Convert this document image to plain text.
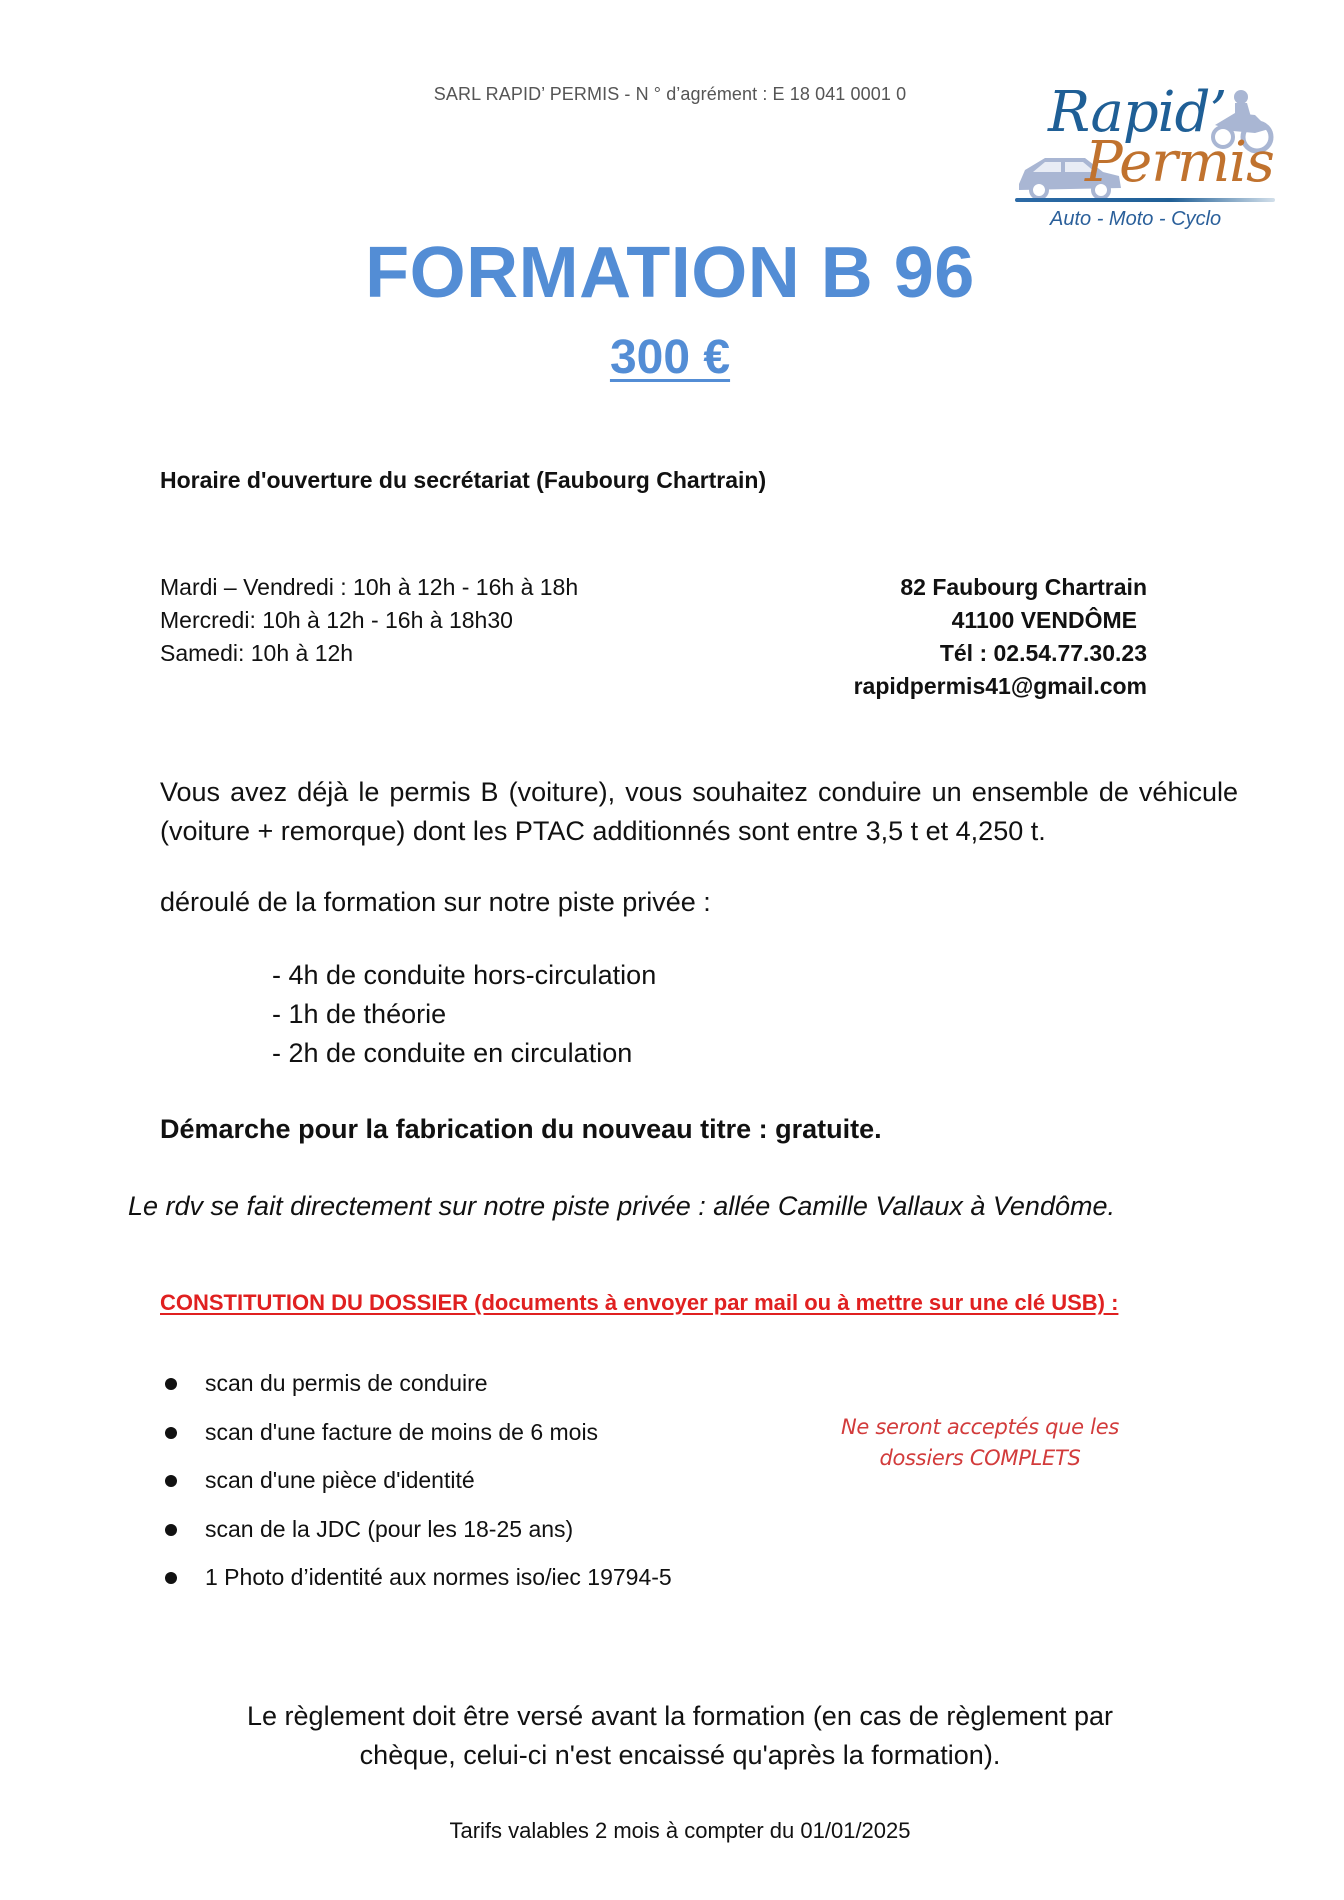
SARL RAPID’ PERMIS - N ° d’agrément : E 18 041 0001 0	Rapid’
Permis
Auto - Moto - Cyclo
FORMATION B 96
300 €
Horaire d'ouverture du secrétariat (Faubourg Chartrain)
Mardi – Vendredi : 10h à 12h - 16h à 18h
Mercredi: 10h à 12h - 16h à 18h30
Samedi: 10h à 12h
82 Faubourg Chartrain
41100 VENDÔME
Tél : 02.54.77.30.23
rapidpermis41@gmail.com
Vous avez déjà le permis B (voiture), vous souhaitez conduire un ensemble de véhicule (voiture + remorque) dont les PTAC additionnés sont entre 3,5 t et 4,250 t.
déroulé de la formation sur notre piste privée :
- 4h de conduite hors-circulation
- 1h de théorie
- 2h de conduite en circulation
Démarche pour la fabrication du nouveau titre : gratuite.
Le rdv se fait directement sur notre piste privée : allée Camille Vallaux à Vendôme.
CONSTITUTION DU DOSSIER (documents à envoyer par mail ou à mettre sur une clé USB) :
scan du permis de conduire
scan d'une facture de moins de 6 mois
scan d'une pièce d'identité
scan de la JDC (pour les 18-25 ans)
1 Photo d’identité aux normes iso/iec 19794-5
Ne seront acceptés que les
dossiers COMPLETS
Le règlement doit être versé avant la formation (en cas de règlement par
chèque, celui-ci n'est encaissé qu'après la formation).
Tarifs valables 2 mois à compter du 01/01/2025
